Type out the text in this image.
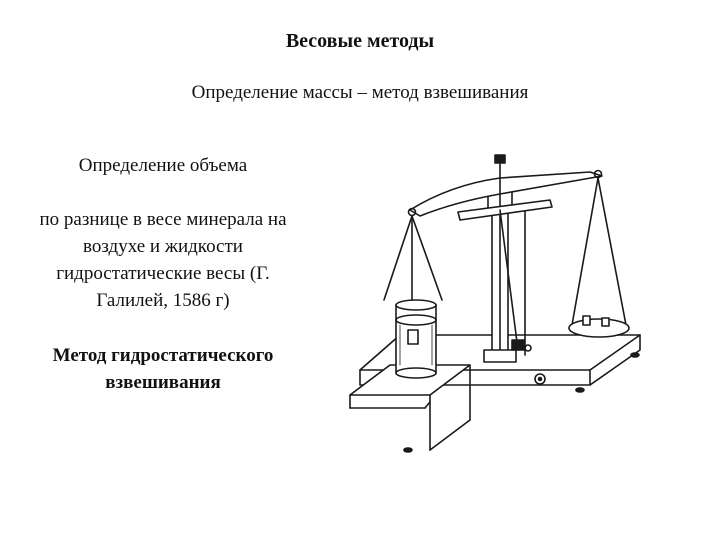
Весовые методы
Определение массы – метод взвешивания

Определение объема

по разнице в весе минерала на воздухе и жидкости гидростатические весы (Г. Галилей, 1586 г)

Метод гидростатического взвешивания
